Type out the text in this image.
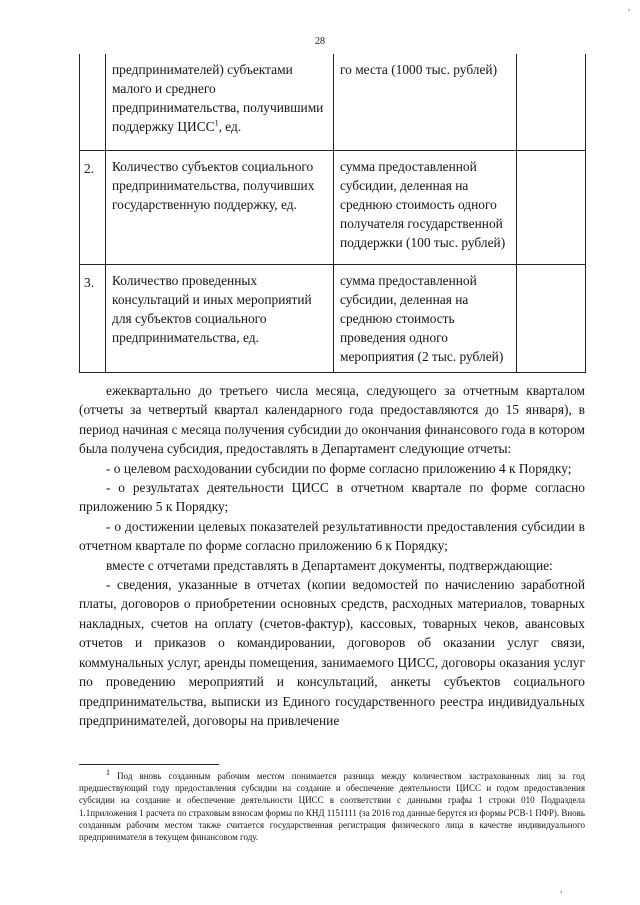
28
	предпринимателей) субъектами малого и среднего предпринимательства, получившими поддержку ЦИСС$^1$, ед.	го места (1000 тыс. рублей)	
2.	Количество субъектов социального предпринимательства, получивших государственную поддержку, ед.	сумма предоставленной субсидии, деленная на среднюю стоимость одного получателя государственной поддержки (100 тыс. рублей)	
3.	Количество проведенных консультаций и иных мероприятий для субъектов социального предпринимательства, ед.	сумма предоставленной субсидии, деленная на среднюю стоимость проведения одного мероприятия (2 тыс. рублей)	

ежеквартально до третьего числа месяца, следующего за отчетным кварталом (отчеты за четвертый квартал календарного года предоставляются до 15 января), в период начиная с месяца получения субсидии до окончания финансового года в котором была получена субсидия, предоставлять в Департамент следующие отчеты:

- о целевом расходовании субсидии по форме согласно приложению 4 к Порядку;

- о результатах деятельности ЦИСС в отчетном квартале по форме согласно приложению 5 к Порядку;

- о достижении целевых показателей результативности предоставления субсидии в отчетном квартале по форме согласно приложению 6 к Порядку;

вместе с отчетами представлять в Департамент документы, подтверждающие:

- сведения, указанные в отчетах (копии ведомостей по начислению заработной платы, договоров о приобретении основных средств, расходных материалов, товарных накладных, счетов на оплату (счетов-фактур), кассовых, товарных чеков, авансовых отчетов и приказов о командировании, договоров об оказании услуг связи, коммунальных услуг, аренды помещения, занимаемого ЦИСС, договоры оказания услуг по проведению мероприятий и консультаций, анкеты субъектов социального предпринимательства, выписки из Единого государственного реестра индивидуальных предпринимателей, договоры на привлечение

$^1$ Под вновь созданным рабочим местом понимается разница между количеством застрахованных лиц за год предшествующий году предоставления субсидии на создание и обеспечение деятельности ЦИСС и годом предоставления субсидии на создание и обеспечение деятельности ЦИСС в соответствии с данными графы 1 строки 010 Подраздела 1.1приложения 1 расчета по страховым взносам формы по КНД 1151111 (за 2016 год данные берутся из формы РСВ-1 ПФР). Вновь созданным рабочим местом также считается государственная регистрация физического лица в качестве индивидуального предпринимателя в текущем финансовом году.

,
,
